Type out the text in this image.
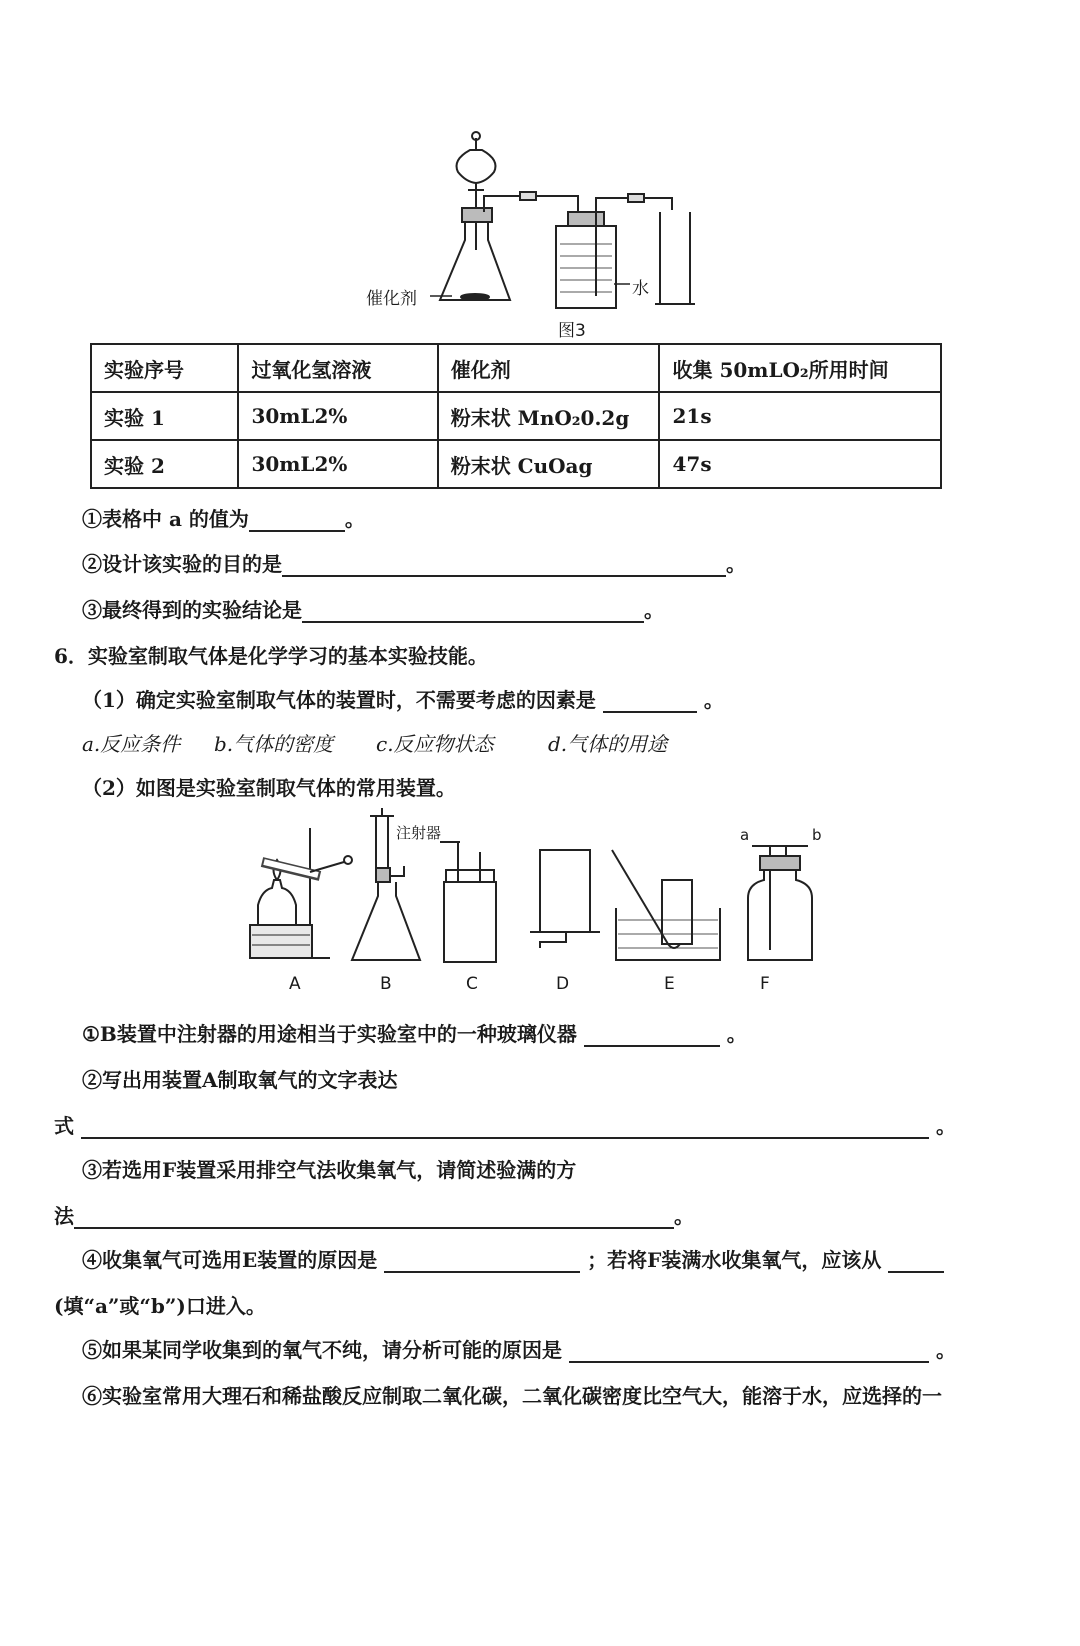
催化剂	水
图3
实验序号	过氧化氢溶液	催化剂	收集 50mLO₂所用时间
实验 1	30mL2%	粉末状 MnO₂0.2g	21s
实验 2	30mL2%	粉末状 CuOag	47s
①表格中 a 的值为	。
②设计该实验的目的是	。
③最终得到的实验结论是	。
6．实验室制取气体是化学学习的基本实验技能。
（1）确定实验室制取气体的装置时，不需要考虑的因素是	。
a.反应条件 b.气体的密度 c.反应物状态	d.气体的用途
（2）如图是实验室制取气体的常用装置。
注射器	a	b
A	B	C	D	E	F
①B装置中注射器的用途相当于实验室中的一种玻璃仪器	。
②写出用装置A制取氧气的文字表达
式	。
③若选用F装置采用排空气法收集氧气，请简述验满的方
法	。
④收集氧气可选用E装置的原因是	；若将F装满水收集氧气，应该从
(填“a”或“b”)口进入。
⑤如果某同学收集到的氧气不纯，请分析可能的原因是	。
⑥实验室常用大理石和稀盐酸反应制取二氧化碳，二氧化碳密度比空气大，能溶于水，应选择的一
